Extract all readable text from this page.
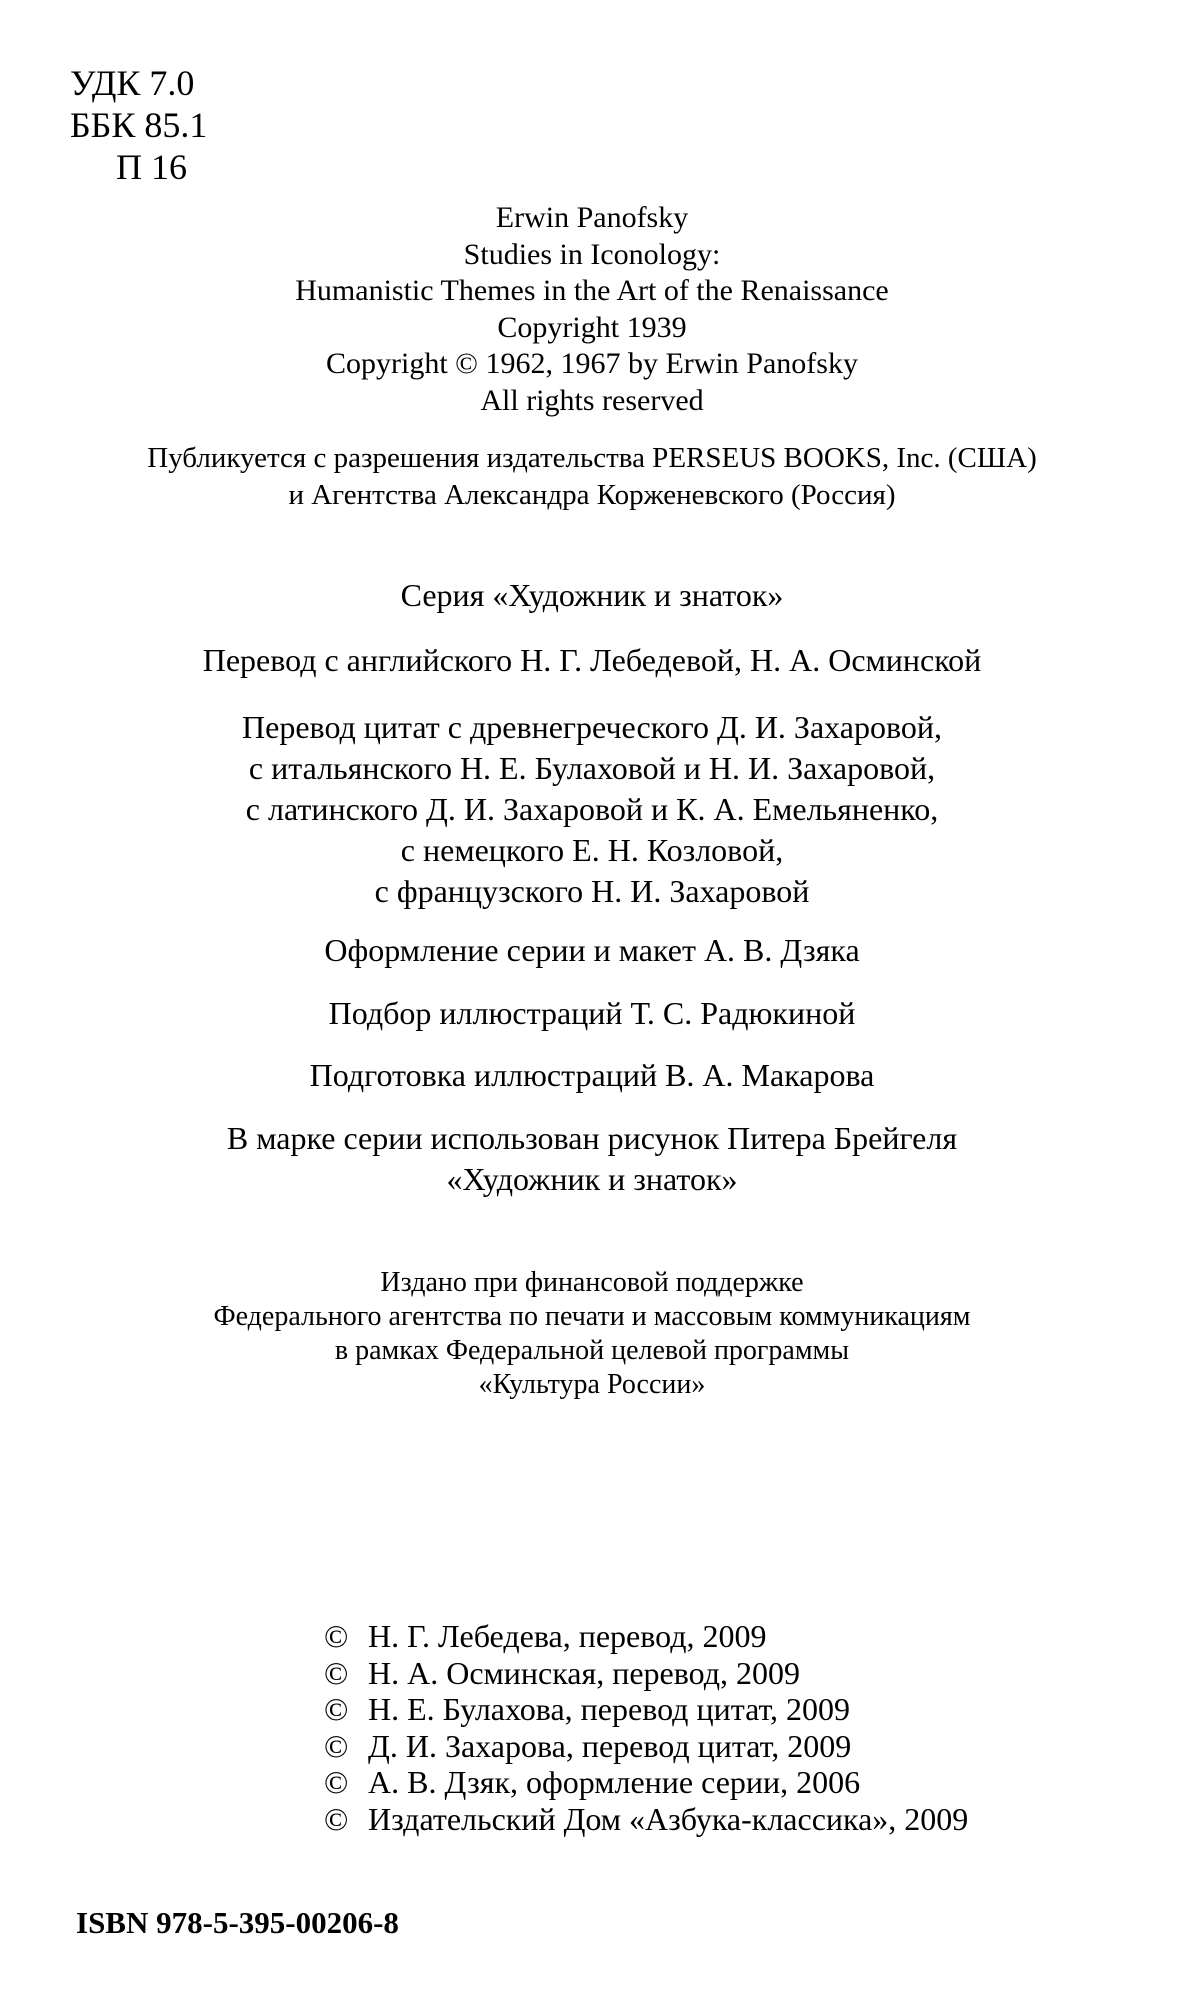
УДК 7.0
ББК 85.1
П 16
Erwin Panofsky
Studies in Iconology:
Humanistic Themes in the Art of the Renaissance
Copyright 1939
Copyright © 1962, 1967 by Erwin Panofsky
All rights reserved
Публикуется с разрешения издательства PERSEUS BOOKS, Inc. (США)
и Агентства Александра Корженевского (Россия)
Серия «Художник и знаток»
Перевод с английского Н. Г. Лебедевой, Н. А. Осминской
Перевод цитат с древнегреческого Д. И. Захаровой,
с итальянского Н. Е. Булаховой и Н. И. Захаровой,
с латинского Д. И. Захаровой и К. А. Емельяненко,
с немецкого Е. Н. Козловой,
с французского Н. И. Захаровой
Оформление серии и макет А. В. Дзяка
Подбор иллюстраций Т. С. Радюкиной
Подготовка иллюстраций В. А. Макарова
В марке серии использован рисунок Питера Брейгеля
«Художник и знаток»
Издано при финансовой поддержке
Федерального агентства по печати и массовым коммуникациям
в рамках Федеральной целевой программы
«Культура России»
© Н. Г. Лебедева, перевод, 2009
© Н. А. Осминская, перевод, 2009
© Н. Е. Булахова, перевод цитат, 2009
© Д. И. Захарова, перевод цитат, 2009
© А. В. Дзяк, оформление серии, 2006
© Издательский Дом «Азбука-классика», 2009
ISBN 978-5-395-00206-8
